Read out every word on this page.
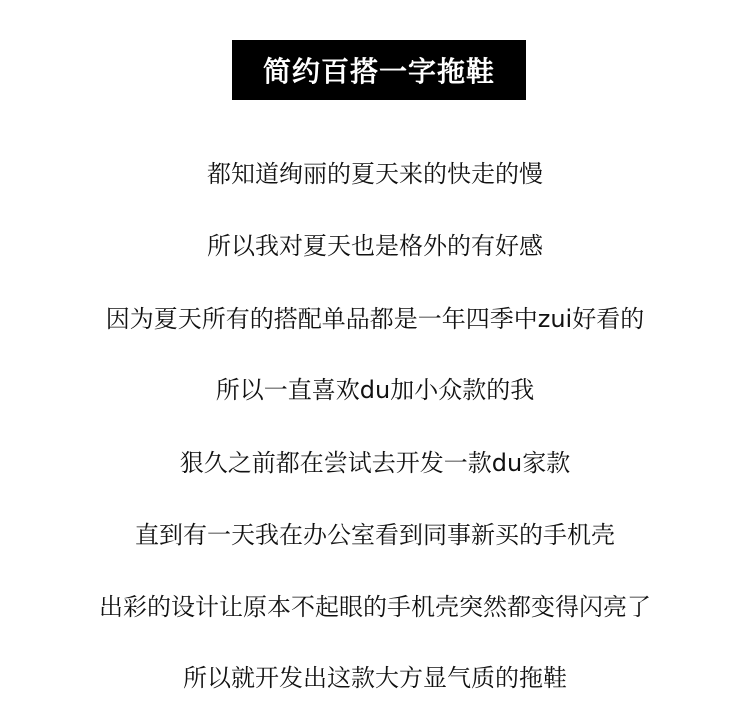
简约百搭一字拖鞋
都知道绚丽的夏天来的快走的慢
所以我对夏天也是格外的有好感
因为夏天所有的搭配单品都是一年四季中zui好看的
所以一直喜欢du加小众款的我
狠久之前都在尝试去开发一款du家款
直到有一天我在办公室看到同事新买的手机壳
出彩的设计让原本不起眼的手机壳突然都变得闪亮了
所以就开发出这款大方显气质的拖鞋
